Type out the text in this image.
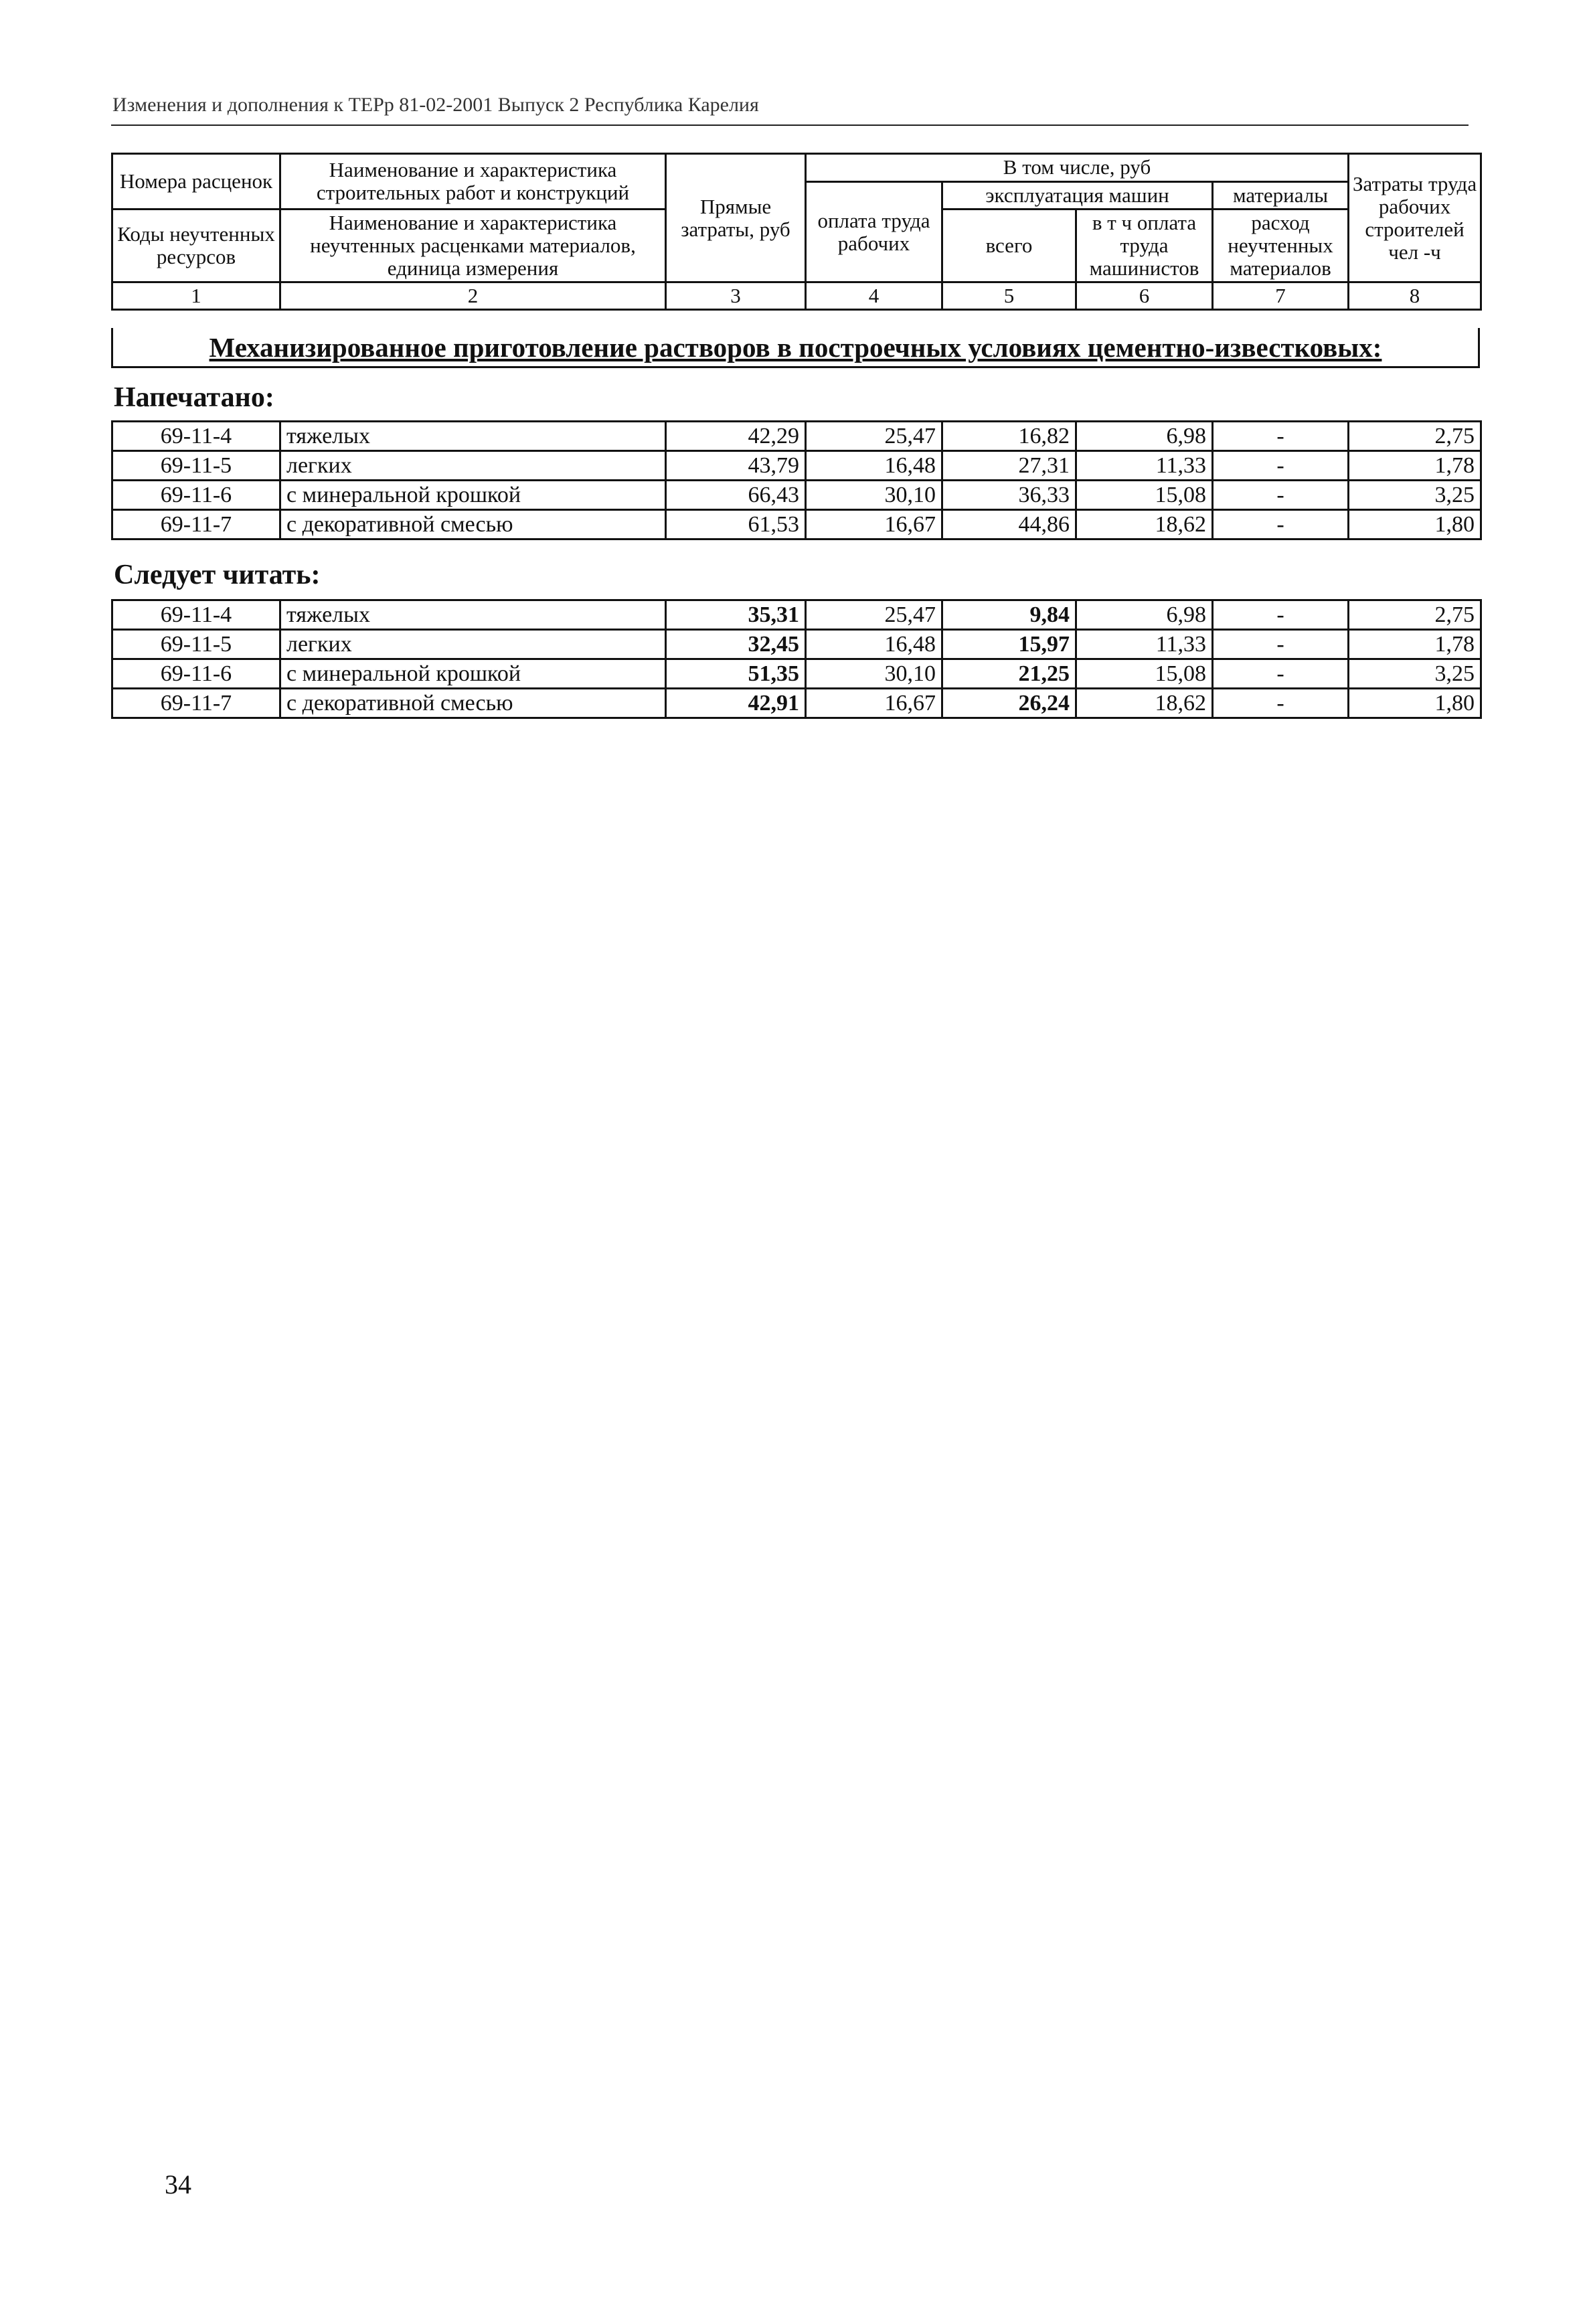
Изменения и дополнения к ТЕРр 81-02-2001 Выпуск 2 Республика Карелия
Номера расценок	Наименование и характеристика строительных работ и конструкций	Прямые затраты, руб	В том числе, руб				Затраты труда рабочих строителей чел -ч
			оплата труда рабочих	эксплуатация машин		материалы	
Коды неучтенных ресурсов	Наименование и характеристика неучтенных расценками материалов, единица измерения			всего	в т ч оплата труда машинистов	расход неучтенных материалов	

1	2	3	4	5	6	7	8
Механизированное приготовление растворов в построечных условиях цементно-известковых:
Напечатано:
69-11-4	тяжелых	42,29	25,47	16,82	6,98	-	2,75
69-11-5	легких	43,79	16,48	27,31	11,33	-	1,78
69-11-6	с минеральной крошкой	66,43	30,10	36,33	15,08	-	3,25
69-11-7	с декоративной смесью	61,53	16,67	44,86	18,62	-	1,80
Следует читать:
69-11-4	тяжелых	35,31	25,47	9,84	6,98	-	2,75
69-11-5	легких	32,45	16,48	15,97	11,33	-	1,78
69-11-6	с минеральной крошкой	51,35	30,10	21,25	15,08	-	3,25
69-11-7	с декоративной смесью	42,91	16,67	26,24	18,62	-	1,80
34
